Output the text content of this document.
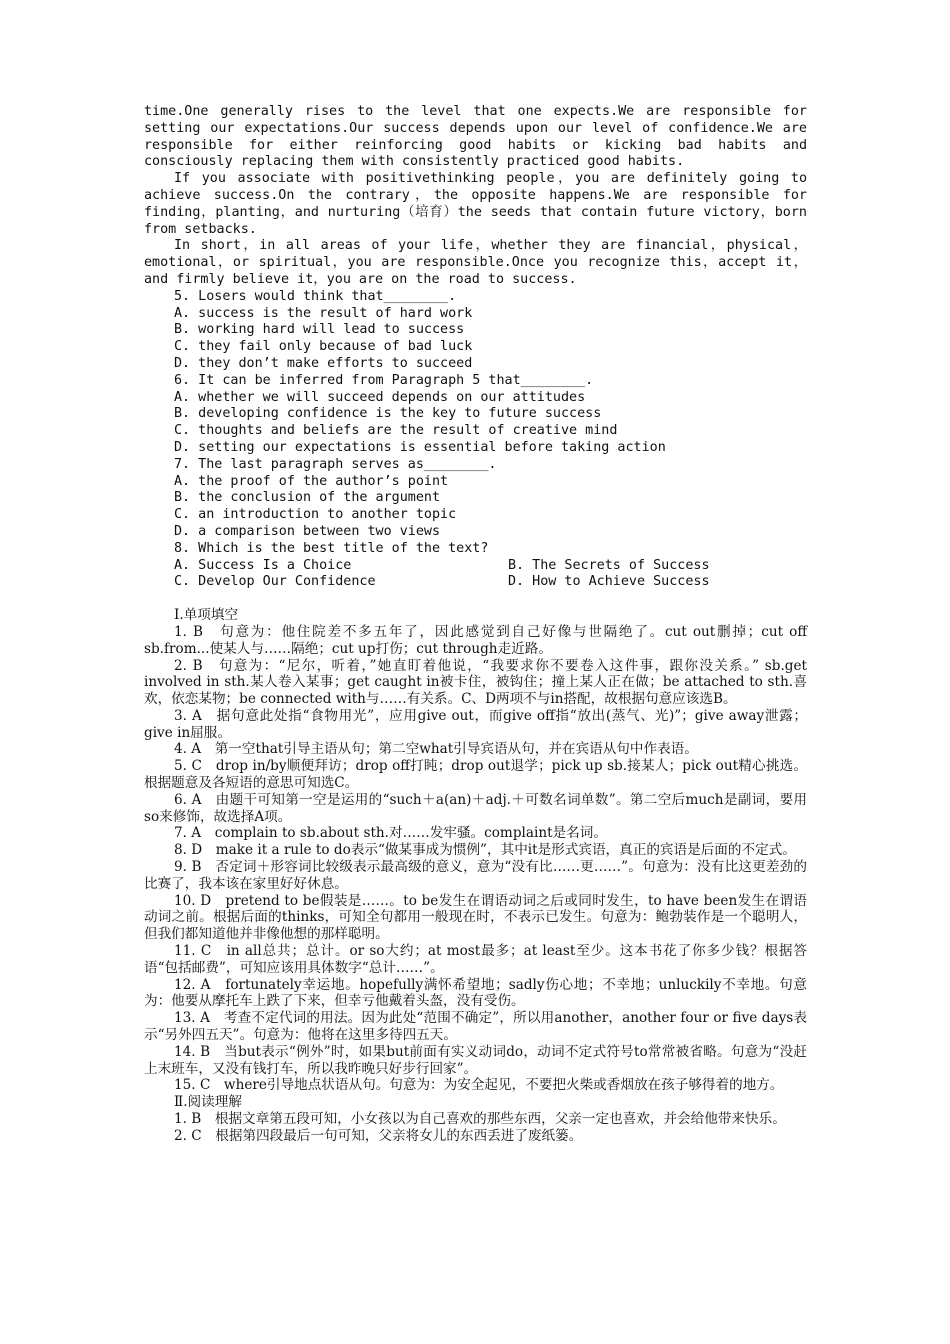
time.One generally rises to the level that one expects.We are responsible for setting our expectations.Our success depends upon our level of confidence.We are responsible for either reinforcing good habits or kicking bad habits and consciously replacing them with consistently practiced good habits.

If you associate with positivethinking people，you are definitely going to achieve success.On the contrary，the opposite happens.We are responsible for finding，planting，and nurturing（培育）the seeds that contain future victory，born from setbacks.

In short，in all areas of your life，whether they are financial，physical，emotional，or spiritual，you are responsible.Once you recognize this，accept it，and firmly believe it，you are on the road to success.

5. Losers would think that________.

A. success is the result of hard work

B. working hard will lead to success

C. they fail only because of bad luck

D. they don’t make efforts to succeed

6. It can be inferred from Paragraph 5 that________.

A. whether we will succeed depends on our attitudes

B. developing confidence is the key to future success

C. thoughts and beliefs are the result of creative mind

D. setting our expectations is essential before taking action

7. The last paragraph serves as________.

A. the proof of the author’s point

B. the conclusion of the argument

C. an introduction to another topic

D. a comparison between two views

8. Which is the best title of the text?

A. Success Is a Choice	B. The Secrets of Success
C. Develop Our Confidence	D. How to Achieve Success

Ⅰ.单项填空

1. B　句意为：他住院差不多五年了，因此感觉到自己好像与世隔绝了。cut out删掉；cut off sb.from...使某人与……隔绝；cut up打伤；cut through走近路。

2. B　句意为：“尼尔，听着，”她直盯着他说，“我要求你不要卷入这件事，跟你没关系。” sb.get involved in sth.某人卷入某事；get caught in被卡住，被钩住；撞上某人正在做；be attached to sth.喜欢，依恋某物；be connected with与……有关系。C、D两项不与in搭配，故根据句意应该选B。

3. A　据句意此处指“食物用光”，应用give out，而give off指“放出(蒸气、光)”；give away泄露；give in屈服。

4. A　第一空that引导主语从句；第二空what引导宾语从句，并在宾语从句中作表语。

5. C　drop in/by顺便拜访；drop off打盹；drop out退学；pick up sb.接某人；pick out精心挑选。根据题意及各短语的意思可知选C。

6. A　由题干可知第一空是运用的“such＋a(an)＋adj.＋可数名词单数”。第二空后much是副词，要用so来修饰，故选择A项。

7. A　complain to sb.about sth.对……发牢骚。complaint是名词。

8. D　make it a rule to do表示“做某事成为惯例”，其中it是形式宾语，真正的宾语是后面的不定式。

9. B　否定词＋形容词比较级表示最高级的意义，意为“没有比……更……”。句意为：没有比这更差劲的比赛了，我本该在家里好好休息。

10. D　pretend to be假装是……。to be发生在谓语动词之后或同时发生，to have been发生在谓语动词之前。根据后面的thinks，可知全句都用一般现在时，不表示已发生。句意为：鲍勃装作是一个聪明人，但我们都知道他并非像他想的那样聪明。

11. C　in all总共；总计。or so大约；at most最多；at least至少。这本书花了你多少钱？根据答语“包括邮费”，可知应该用具体数字“总计……”。

12. A　fortunately幸运地。hopefully满怀希望地；sadly伤心地；不幸地；unluckily不幸地。句意为：他要从摩托车上跌了下来，但幸亏他戴着头盔，没有受伤。

13. A　考查不定代词的用法。因为此处“范围不确定”，所以用another，another four or five days表示“另外四五天”。句意为：他将在这里多待四五天。

14. B　当but表示“例外”时，如果but前面有实义动词do，动词不定式符号to常常被省略。句意为“没赶上末班车，又没有钱打车，所以我昨晚只好步行回家”。

15. C　where引导地点状语从句。句意为：为安全起见，不要把火柴或香烟放在孩子够得着的地方。

Ⅱ.阅读理解

1. B　根据文章第五段可知，小女孩以为自己喜欢的那些东西，父亲一定也喜欢，并会给他带来快乐。

2. C　根据第四段最后一句可知，父亲将女儿的东西丢进了废纸篓。
